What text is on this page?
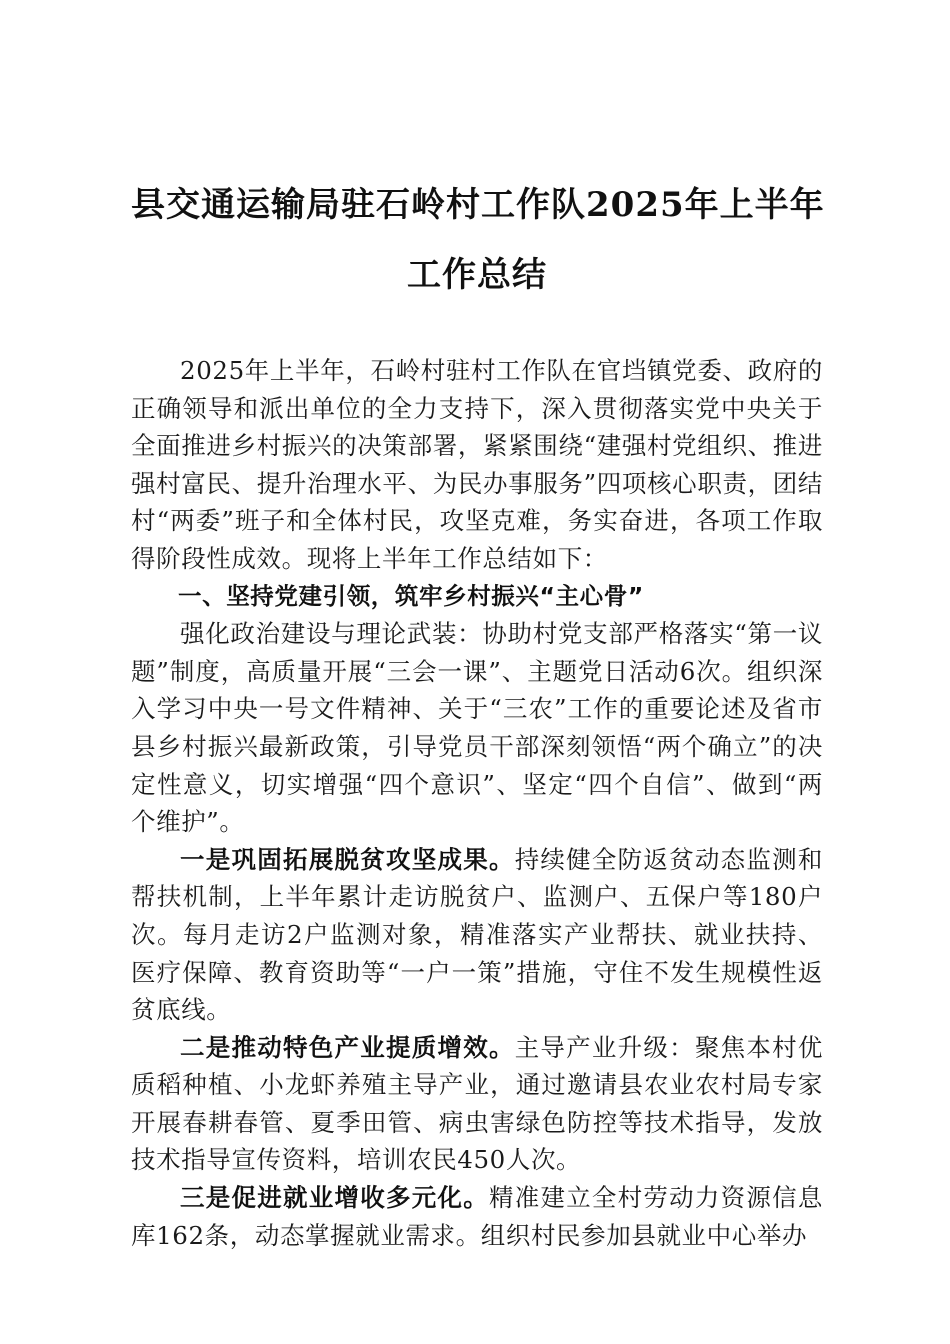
县交通运输局驻石岭村工作队2025年上半年
工作总结

2025年上半年，石岭村驻村工作队在官垱镇党委、政府的正确领导和派出单位的全力支持下，深入贯彻落实党中央关于全面推进乡村振兴的决策部署，紧紧围绕“建强村党组织、推进强村富民、提升治理水平、为民办事服务”四项核心职责，团结村“两委”班子和全体村民，攻坚克难，务实奋进，各项工作取得阶段性成效。现将上半年工作总结如下：

一、坚持党建引领，筑牢乡村振兴“主心骨”

强化政治建设与理论武装：协助村党支部严格落实“第一议题”制度，高质量开展“三会一课”、主题党日活动6次。组织深入学习中央一号文件精神、关于“三农”工作的重要论述及省市县乡村振兴最新政策，引导党员干部深刻领悟“两个确立”的决定性意义，切实增强“四个意识”、坚定“四个自信”、做到“两个维护”。

一是巩固拓展脱贫攻坚成果。持续健全防返贫动态监测和帮扶机制，上半年累计走访脱贫户、监测户、五保户等180户次。每月走访2户监测对象，精准落实产业帮扶、就业扶持、医疗保障、教育资助等“一户一策”措施，守住不发生规模性返贫底线。

二是推动特色产业提质增效。主导产业升级：聚焦本村优质稻种植、小龙虾养殖主导产业，通过邀请县农业农村局专家开展春耕春管、夏季田管、病虫害绿色防控等技术指导，发放技术指导宣传资料，培训农民450人次。

三是促进就业增收多元化。精准建立全村劳动力资源信息库162条，动态掌握就业需求。组织村民参加县就业中心举办
